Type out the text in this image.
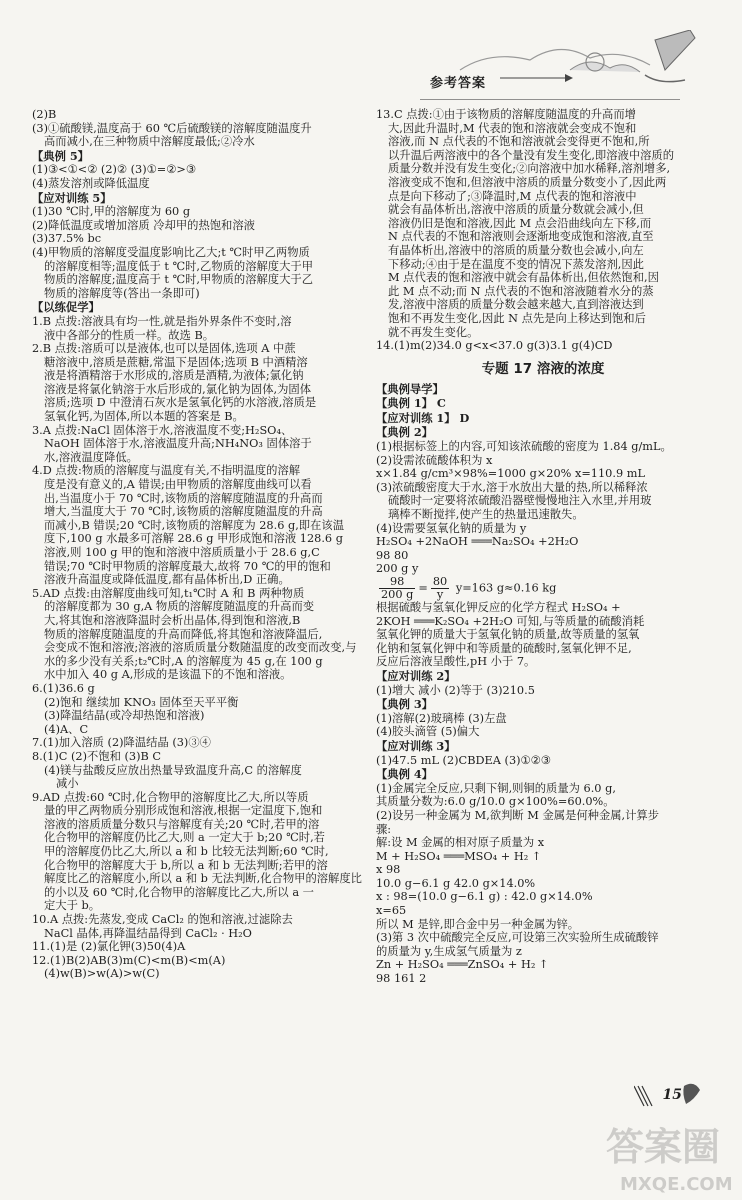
参考答案
(2)B
(3)①硫酸镁,温度高于 60 ℃后硫酸镁的溶解度随温度升
高而减小,在三种物质中溶解度最低;②冷水
【典例 5】
(1)③<①<② (2)② (3)①=②>③
(4)蒸发溶剂或降低温度
【应对训练 5】
(1)30 ℃时,甲的溶解度为 60 g
(2)降低温度或增加溶质 冷却甲的热饱和溶液
(3)37.5% bc
(4)甲物质的溶解度受温度影响比乙大;t ℃时甲乙两物质
的溶解度相等;温度低于 t ℃时,乙物质的溶解度大于甲
物质的溶解度;温度高于 t ℃时,甲物质的溶解度大于乙
物质的溶解度等(答出一条即可)
【以练促学】
1.B 点拨:溶液具有均一性,就是指外界条件不变时,溶
液中各部分的性质一样。故选 B。
2.B 点拨:溶质可以是液体,也可以是固体,选项 A 中蔗
糖溶液中,溶质是蔗糖,常温下是固体;选项 B 中酒精溶
液是将酒精溶于水形成的,溶质是酒精,为液体;氯化钠
溶液是将氯化钠溶于水后形成的,氯化钠为固体,为固体
溶质;选项 D 中澄清石灰水是氢氧化钙的水溶液,溶质是
氢氧化钙,为固体,所以本题的答案是 B。
3.A 点拨:NaCl 固体溶于水,溶液温度不变;H₂SO₄、
NaOH 固体溶于水,溶液温度升高;NH₄NO₃ 固体溶于
水,溶液温度降低。
4.D 点拨:物质的溶解度与温度有关,不指明温度的溶解
度是没有意义的,A 错误;由甲物质的溶解度曲线可以看
出,当温度小于 70 ℃时,该物质的溶解度随温度的升高而
增大,当温度大于 70 ℃时,该物质的溶解度随温度的升高
而减小,B 错误;20 ℃时,该物质的溶解度为 28.6 g,即在该温
度下,100 g 水最多可溶解 28.6 g 甲形成饱和溶液 128.6 g
溶液,则 100 g 甲的饱和溶液中溶质质量小于 28.6 g,C
错误;70 ℃时甲物质的溶解度最大,故将 70 ℃的甲的饱和
溶液升高温度或降低温度,都有晶体析出,D 正确。
5.AD 点拨:由溶解度曲线可知,t₁℃时 A 和 B 两种物质
的溶解度都为 30 g,A 物质的溶解度随温度的升高而变
大,将其饱和溶液降温时会析出晶体,得到饱和溶液,B
物质的溶解度随温度的升高而降低,将其饱和溶液降温后,
会变成不饱和溶液;溶液的溶质质量分数随温度的改变而改变,与
水的多少没有关系;t₂℃时,A 的溶解度为 45 g,在 100 g
水中加入 40 g A,形成的是该温下的不饱和溶液。
6.(1)36.6 g
(2)饱和 继续加 KNO₃ 固体至天平平衡
(3)降温结晶(或冷却热饱和溶液)
(4)A、C
7.(1)加入溶质 (2)降温结晶 (3)③④
8.(1)C (2)不饱和 (3)B C
(4)镁与盐酸反应放出热量导致温度升高,C 的溶解度
减小
9.AD 点拨:60 ℃时,化合物甲的溶解度比乙大,所以等质
量的甲乙两物质分别形成饱和溶液,根据一定温度下,饱和
溶液的溶质质量分数只与溶解度有关;20 ℃时,若甲的溶
化合物甲的溶解度仍比乙大,则 a 一定大于 b;20 ℃时,若
甲的溶解度仍比乙大,所以 a 和 b 比较无法判断;60 ℃时,
化合物甲的溶解度大于 b,所以 a 和 b 无法判断;若甲的溶
解度比乙的溶解度小,所以 a 和 b 无法判断,化合物甲的溶解度比
的小以及 60 ℃时,化合物甲的溶解度比乙大,所以 a 一
定大于 b。
10.A 点拨:先蒸发,变成 CaCl₂ 的饱和溶液,过滤除去
NaCl 晶体,再降温结晶得到 CaCl₂ · H₂O
11.(1)是 (2)氯化钾(3)50(4)A
12.(1)B(2)AB(3)m(C)<m(B)<m(A)
(4)w(B)>w(A)>w(C)
13.C 点拨:①由于该物质的溶解度随温度的升高而增
大,因此升温时,M 代表的饱和溶液就会变成不饱和
溶液,而 N 点代表的不饱和溶液就会变得更不饱和,所
以升温后两溶液中的各个量没有发生变化,即溶液中溶质的
质量分数并没有发生变化;②向溶液中加水稀释,溶剂增多,
溶液变成不饱和,但溶液中溶质的质量分数变小了,因此两
点是向下移动了;③降温时,M 点代表的饱和溶液中
就会有晶体析出,溶液中溶质的质量分数就会减小,但
溶液仍旧是饱和溶液,因此 M 点会沿曲线向左下移,而
N 点代表的不饱和溶液则会逐渐地变成饱和溶液,直至
有晶体析出,溶液中的溶质的质量分数也会减小,向左
下移动;④由于是在温度不变的情况下蒸发溶剂,因此
M 点代表的饱和溶液中就会有晶体析出,但依然饱和,因
此 M 点不动;而 N 点代表的不饱和溶液随着水分的蒸
发,溶液中溶质的质量分数会越来越大,直到溶液达到
饱和不再发生变化,因此 N 点先是向上移达到饱和后
就不再发生变化。
14.(1)m(2)34.0 g<x<37.0 g(3)3.1 g(4)CD
专题 17 溶液的浓度
【典例导学】
【典例 1】 C
【应对训练 1】 D
【典例 2】
(1)根据标签上的内容,可知该浓硫酸的密度为 1.84 g/mL。
(2)设需浓硫酸体积为 x
x×1.84 g/cm³×98%=1000 g×20% x=110.9 mL
(3)浓硫酸密度大于水,溶于水放出大量的热,所以稀释浓
硫酸时一定要将浓硫酸沿器壁慢慢地注入水里,并用玻
璃棒不断搅拌,使产生的热量迅速散失。
(4)设需要氢氧化钠的质量为 y
H₂SO₄ +2NaOH ═══Na₂SO₄ +2H₂O
98 80
200 g y
$\frac{98}{200 g} = \frac{80}{y} y=163$ g≈0.16 kg
根据硫酸与氢氧化钾反应的化学方程式 H₂SO₄ +
2KOH ═══K₂SO₄ +2H₂O 可知,与等质量的硫酸消耗
氢氧化钾的质量大于氢氧化钠的质量,故等质量的氢氧
化钠和氢氧化钾中和等质量的硫酸时,氢氧化钾不足,
反应后溶液呈酸性,pH 小于 7。
【应对训练 2】
(1)增大 减小 (2)等于 (3)210.5
【典例 3】
(1)溶解(2)玻璃棒 (3)左盘
(4)胶头滴管 (5)偏大
【应对训练 3】
(1)47.5 mL (2)CBDEA (3)①②③
【典例 4】
(1)金属完全反应,只剩下铜,则铜的质量为 6.0 g,
其质量分数为:6.0 g/10.0 g×100%=60.0%。
(2)设另一种金属为 M,欲判断 M 金属是何种金属,计算步
骤:
解:设 M 金属的相对原子质量为 x
M + H₂SO₄ ═══MSO₄ + H₂ ↑
x 98
10.0 g−6.1 g 42.0 g×14.0%
x : 98=(10.0 g−6.1 g) : 42.0 g×14.0%
x=65
所以 M 是锌,即合金中另一种金属为锌。
(3)第 3 次中硫酸完全反应,可设第三次实验所生成硫酸锌
的质量为 y,生成氢气质量为 z
Zn + H₂SO₄ ═══ZnSO₄ + H₂ ↑
98 161 2
15
答案圈
MXQE.COM
